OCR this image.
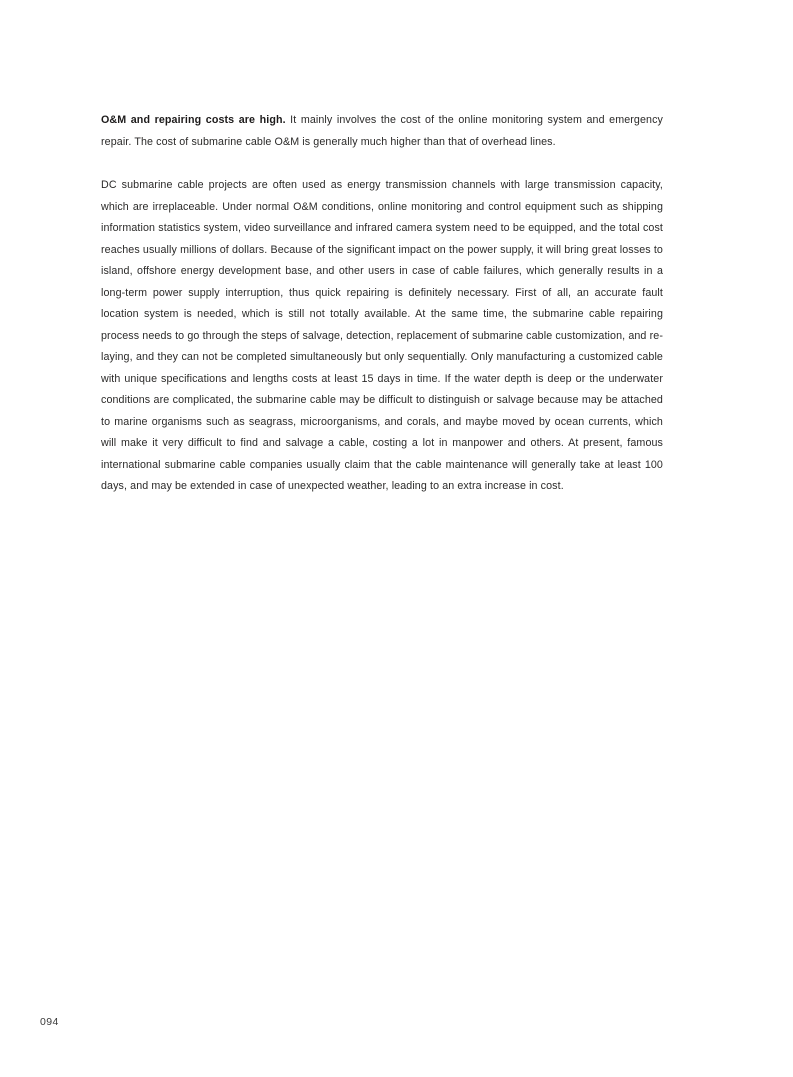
O&M and repairing costs are high. It mainly involves the cost of the online monitoring system and emergency repair. The cost of submarine cable O&M is generally much higher than that of overhead lines.

DC submarine cable projects are often used as energy transmission channels with large transmission capacity, which are irreplaceable. Under normal O&M conditions, online monitoring and control equipment such as shipping information statistics system, video surveillance and infrared camera system need to be equipped, and the total cost reaches usually millions of dollars. Because of the significant impact on the power supply, it will bring great losses to island, offshore energy development base, and other users in case of cable failures, which generally results in a long-term power supply interruption, thus quick repairing is definitely necessary. First of all, an accurate fault location system is needed, which is still not totally available. At the same time, the submarine cable repairing process needs to go through the steps of salvage, detection, replacement of submarine cable customization, and re-laying, and they can not be completed simultaneously but only sequentially. Only manufacturing a customized cable with unique specifications and lengths costs at least 15 days in time. If the water depth is deep or the underwater conditions are complicated, the submarine cable may be difficult to distinguish or salvage because may be attached to marine organisms such as seagrass, microorganisms, and corals, and maybe moved by ocean currents, which will make it very difficult to find and salvage a cable, costing a lot in manpower and others. At present, famous international submarine cable companies usually claim that the cable maintenance will generally take at least 100 days, and may be extended in case of unexpected weather, leading to an extra increase in cost.

094
